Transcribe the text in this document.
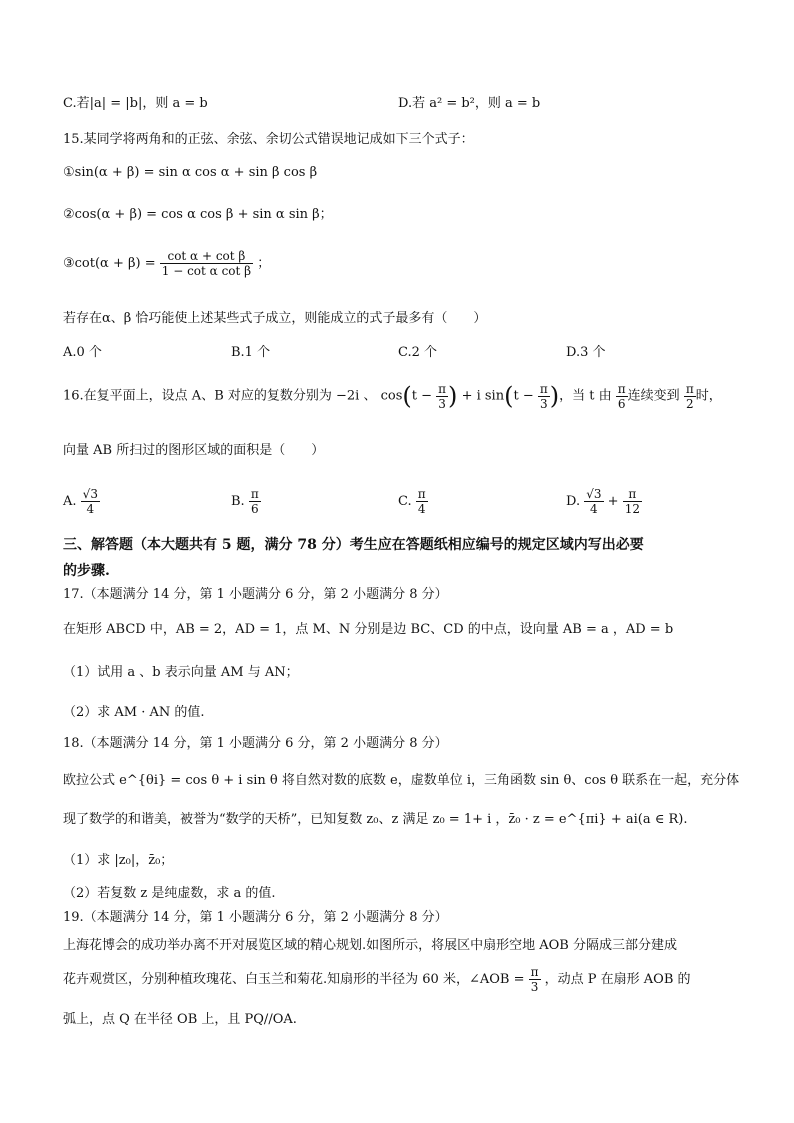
C.若|a| = |b|，则 a = b	D.若 a² = b²，则 a = b
15.某同学将两角和的正弦、余弦、余切公式错误地记成如下三个式子：
①sin(α + β) = sin α cos α + sin β cos β
②cos(α + β) = cos α cos β + sin α sin β；
③cot(α + $\beta) = \frac{\text{cot α + cot β}}{\text{1 − cot α cot β}}$ ；
若存在α、β 恰巧能使上述某些式子成立，则能成立的式子最多有（　　）
A.0 个	B.1 个	C.2 个	D.3 个
16.在复平面上，设点 A、B 对应的复数分别为 −2i 、 $\cos(t - \frac{\pi}{3}$ ) + i $\sin(t - \frac{\pi}{3}$ )，当 t 由 $\frac{\pi}{6}$ 连续变到 $\frac{\pi}{2}$ 时，
向量 AB 所扫过的图形区域的面积是（　　）
A. $\frac{√3}{4}$	B. $\frac{\pi}{6}$	C. $\frac{\pi}{4}$	D. $\frac{√3}{4} + \frac{\pi}{12}$
三、解答题（本大题共有 5 题，满分 78 分）考生应在答题纸相应编号的规定区域内写出必要
的步骤.
17.（本题满分 14 分，第 1 小题满分 6 分，第 2 小题满分 8 分）
在矩形 ABCD 中，AB = 2，AD = 1，点 M、N 分别是边 BC、CD 的中点，设向量 AB = a ，AD = b
（1）试用 a 、b 表示向量 AM 与 AN；
（2）求 AM · AN 的值.
18.（本题满分 14 分，第 1 小题满分 6 分，第 2 小题满分 8 分）
欧拉公式 e^{θi} = cos θ + i sin θ 将自然对数的底数 e，虚数单位 i，三角函数 sin θ、cos θ 联系在一起，充分体
现了数学的和谐美，被誉为“数学的天桥”，已知复数 z₀、z 满足 z₀ = 1+ i ，z̄₀ · z = e^{πi} + ai(a ∈ R).
（1）求 |z₀|，z̄₀；
（2）若复数 z 是纯虚数，求 a 的值.
19.（本题满分 14 分，第 1 小题满分 6 分，第 2 小题满分 8 分）
上海花博会的成功举办离不开对展览区域的精心规划.如图所示，将展区中扇形空地 AOB 分隔成三部分建成
花卉观赏区，分别种植玫瑰花、白玉兰和菊花.知扇形的半径为 60 米，∠AOB = $\frac{\pi}{3}$ ，动点 P 在扇形 AOB 的
弧上，点 Q 在半径 OB 上，且 PQ//OA.
